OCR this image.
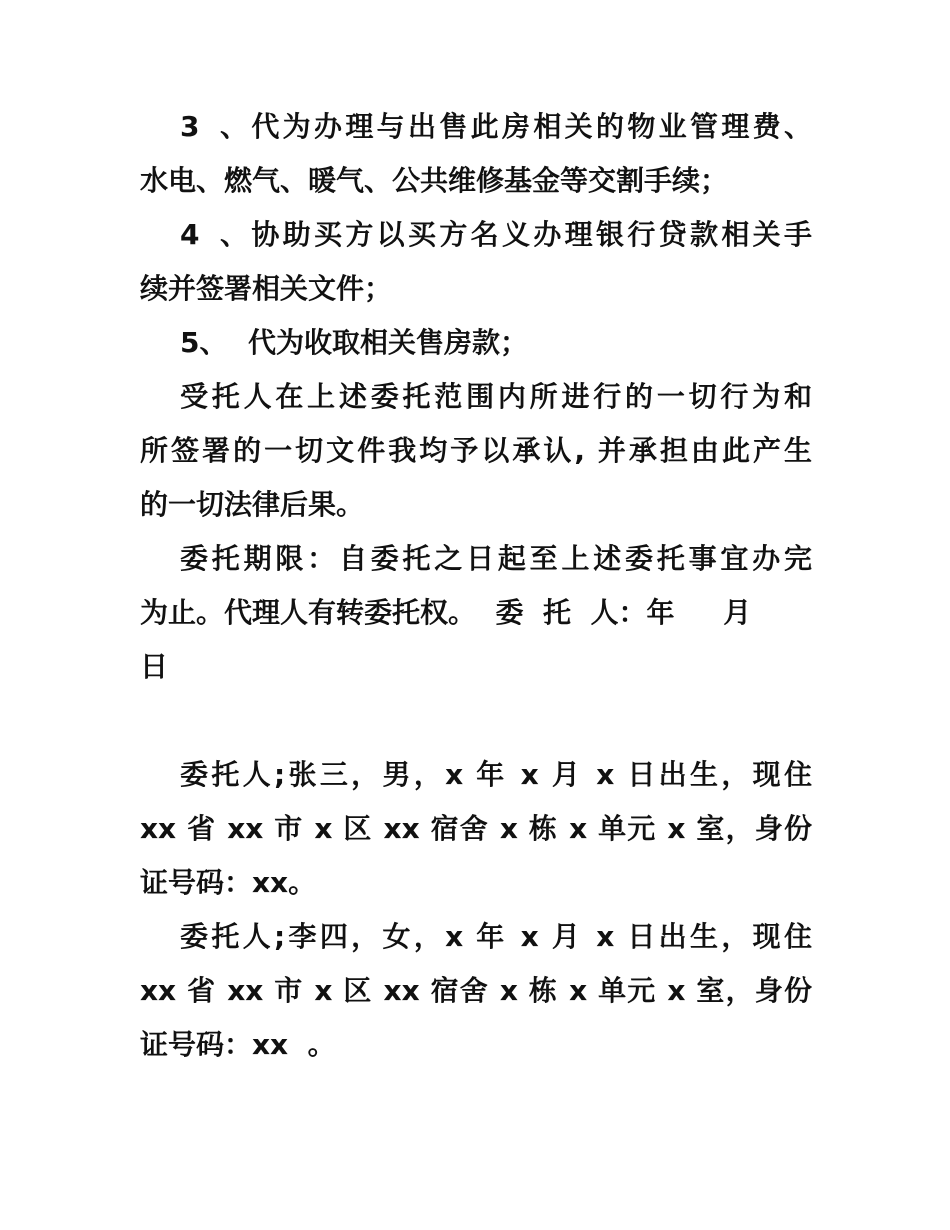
3、代为办理与出售此房相关的物业管理费、
水电、燃气、暖气、公共维修基金等交割手续；
4、协助买方以买方名义办理银行贷款相关手
续并签署相关文件；
5、 代为收取相关售房款；
受托人在上述委托范围内所进行的一切行为和
所签署的一切文件我均予以承认, 并承担由此产生
的一切法律后果。
委托期限：自委托之日起至上述委托事宜办完
为止。代理人有转委托权。  委  托  人：年     月
日
委托人;张三，男，x 年 x 月 x 日出生，现住
xx 省 xx 市 x 区 xx 宿舍 x 栋 x 单元 x 室，身份
证号码：xx。
委托人;李四，女，x 年 x 月 x 日出生，现住
xx 省 xx 市 x 区 xx 宿舍 x 栋 x 单元 x 室，身份
证号码：xx  。
